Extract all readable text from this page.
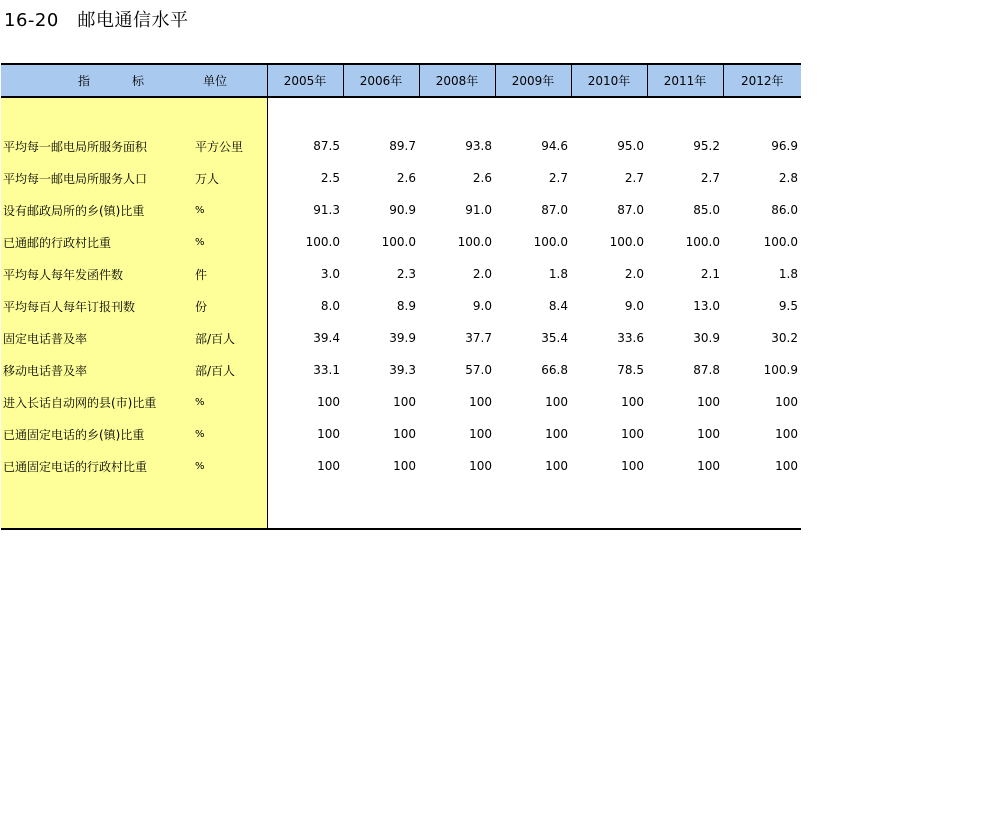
16-20   邮电通信水平
指 标	单位	2005年	2006年	2008年	2009年	2010年	2011年	2012年

平均每一邮电局所服务面积	平方公里	87.5	89.7	93.8	94.6	95.0	95.2	96.9
平均每一邮电局所服务人口	万人	2.5	2.6	2.6	2.7	2.7	2.7	2.8
设有邮政局所的乡(镇)比重	%	91.3	90.9	91.0	87.0	87.0	85.0	86.0
已通邮的行政村比重	%	100.0	100.0	100.0	100.0	100.0	100.0	100.0
平均每人每年发函件数	件	3.0	2.3	2.0	1.8	2.0	2.1	1.8
平均每百人每年订报刊数	份	8.0	8.9	9.0	8.4	9.0	13.0	9.5
固定电话普及率	部/百人	39.4	39.9	37.7	35.4	33.6	30.9	30.2
移动电话普及率	部/百人	33.1	39.3	57.0	66.8	78.5	87.8	100.9
进入长话自动网的县(市)比重	%	100	100	100	100	100	100	100
已通固定电话的乡(镇)比重	%	100	100	100	100	100	100	100
已通固定电话的行政村比重	%	100	100	100	100	100	100	100
